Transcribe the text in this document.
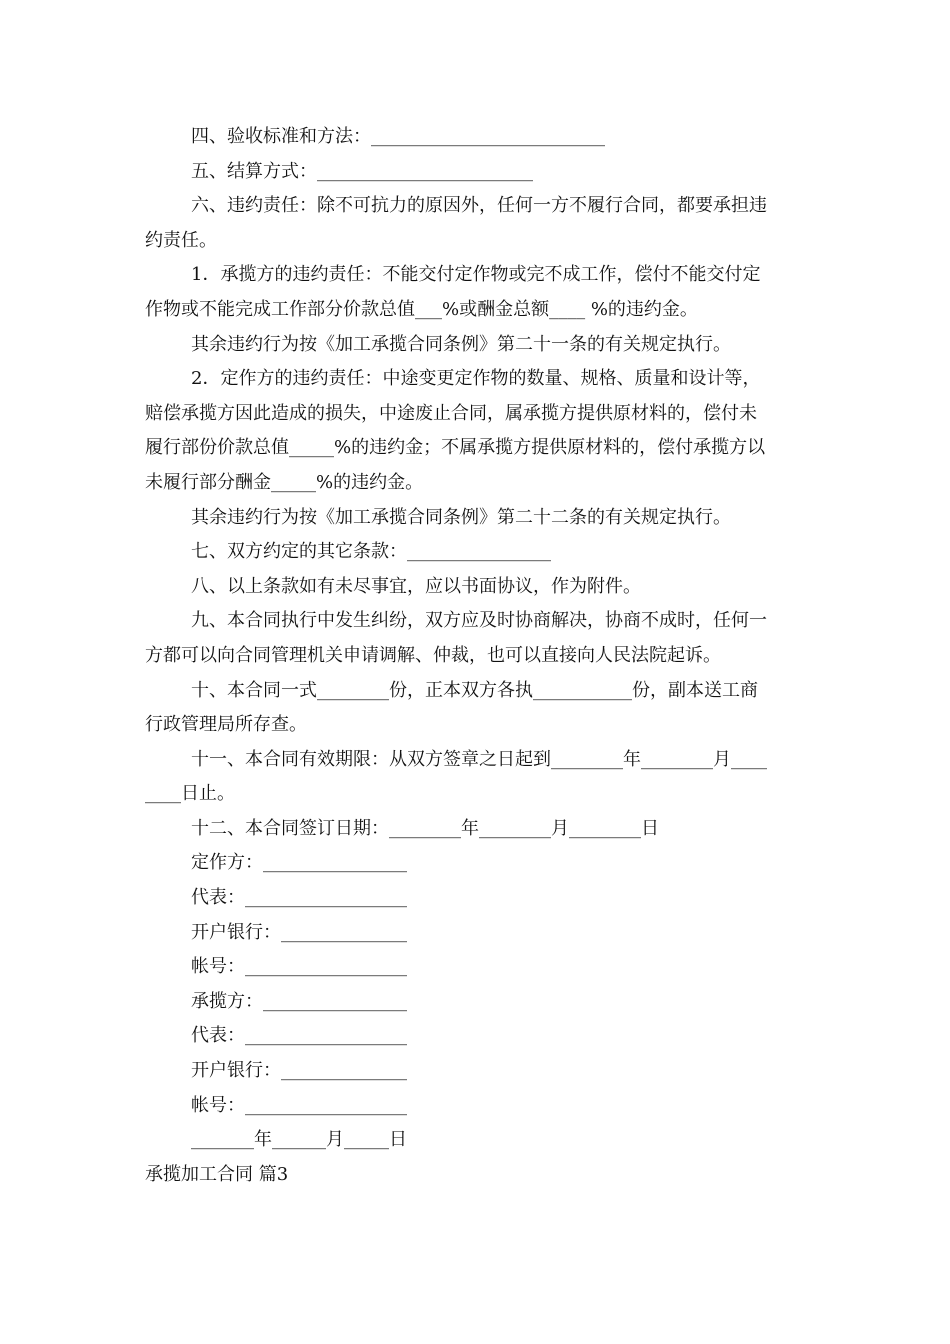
四、验收标准和方法：__________________________
五、结算方式：________________________
六、违约责任：除不可抗力的原因外，任何一方不履行合同，都要承担违
约责任。
1．承揽方的违约责任：不能交付定作物或完不成工作，偿付不能交付定
作物或不能完成工作部分价款总值___%或酬金总额____ %的违约金。
其余违约行为按《加工承揽合同条例》第二十一条的有关规定执行。
2．定作方的违约责任：中途变更定作物的数量、规格、质量和设计等，
赔偿承揽方因此造成的损失，中途废止合同，属承揽方提供原材料的，偿付未
履行部份价款总值_____%的违约金；不属承揽方提供原材料的，偿付承揽方以
未履行部分酬金_____%的违约金。
其余违约行为按《加工承揽合同条例》第二十二条的有关规定执行。
七、双方约定的其它条款：________________
八、以上条款如有未尽事宜，应以书面协议，作为附件。
九、本合同执行中发生纠纷，双方应及时协商解决，协商不成时，任何一
方都可以向合同管理机关申请调解、仲裁，也可以直接向人民法院起诉。
十、本合同一式________份，正本双方各执___________份，副本送工商
行政管理局所存查。
十一、本合同有效期限：从双方签章之日起到________年________月____
____日止。
十二、本合同签订日期：________年________月________日
定作方：________________
代表：__________________
开户银行：______________
帐号：__________________
承揽方：________________
代表：__________________
开户银行：______________
帐号：__________________
_______年______月_____日
承揽加工合同 篇3
